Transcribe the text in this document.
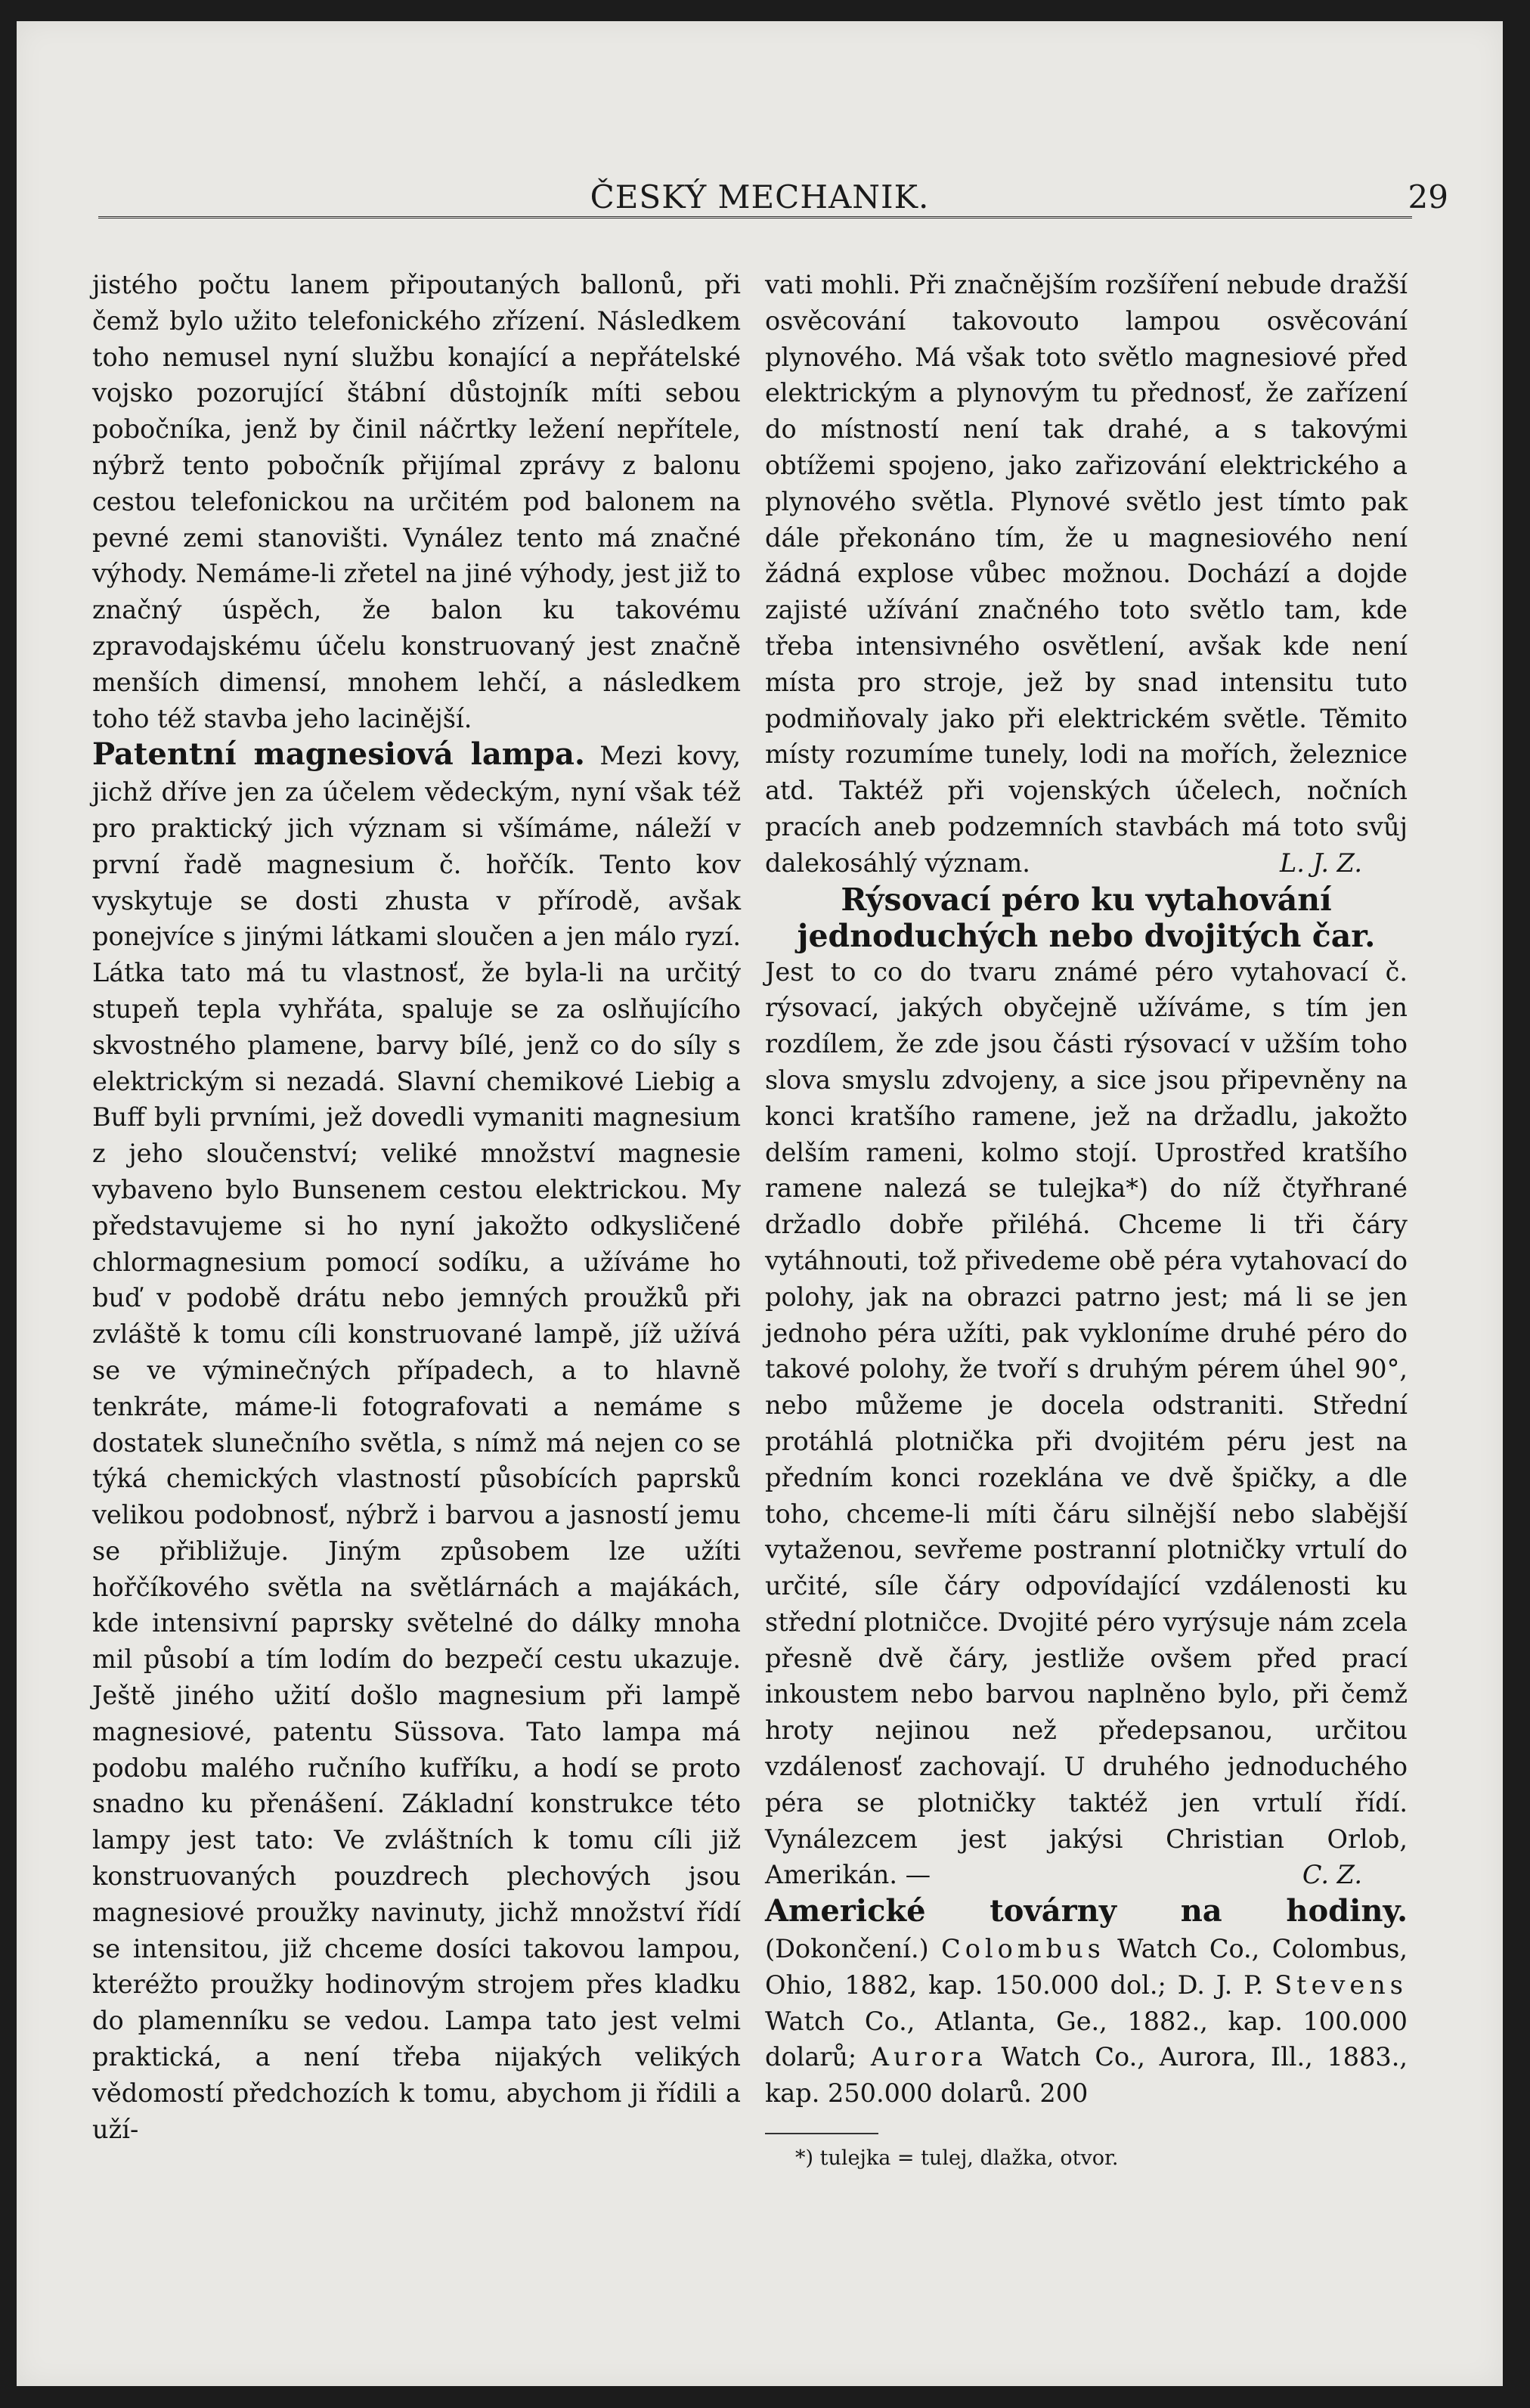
ČESKÝ MECHANIK.	29

jistého počtu lanem připoutaných ballonů, při čemž bylo užito telefonického zřízení. Následkem toho nemusel nyní službu konající a nepřátelské vojsko pozorující štábní důstojník míti sebou pobočníka, jenž by činil náčrtky ležení nepřítele, nýbrž tento pobočník přijímal zprávy z balonu cestou telefonickou na určitém pod balonem na pevné zemi stanovišti. Vynález tento má značné výhody. Nemáme-li zřetel na jiné výhody, jest již to značný úspěch, že balon ku takovému zpravodajskému účelu konstruovaný jest značně menších dimensí, mnohem lehčí, a následkem toho též stavba jeho lacinější.

Patentní magnesiová lampa. Mezi kovy, jichž dříve jen za účelem vědeckým, nyní však též pro praktický jich význam si všímáme, náleží v první řadě magnesium č. hořčík. Tento kov vyskytuje se dosti zhusta v přírodě, avšak ponejvíce s jinými látkami sloučen a jen málo ryzí. Látka tato má tu vlastnosť, že byla-li na určitý stupeň tepla vyhřáta, spaluje se za oslňujícího skvostného plamene, barvy bílé, jenž co do síly s elektrickým si nezadá. Slavní chemikové Liebig a Buff byli prvními, jež dovedli vymaniti magnesium z jeho sloučenství; veliké množství magnesie vybaveno bylo Bunsenem cestou elektrickou. My představujeme si ho nyní jakožto odkysličené chlormagnesium pomocí sodíku, a užíváme ho buď v podobě drátu nebo jemných proužků při zvláště k tomu cíli konstruované lampě, jíž užívá se ve výminečných případech, a to hlavně tenkráte, máme-li fotografovati a nemáme s dostatek slunečního světla, s nímž má nejen co se týká chemických vlastností působících paprsků velikou podobnosť, nýbrž i barvou a jasností jemu se přibližuje. Jiným způsobem lze užíti hořčíkového světla na světlárnách a majákách, kde intensivní paprsky světelné do dálky mnoha mil působí a tím lodím do bezpečí cestu ukazuje. Ještě jiného užití došlo magnesium při lampě magnesiové, patentu Süssova. Tato lampa má podobu malého ručního kufříku, a hodí se proto snadno ku přenášení. Základní konstrukce této lampy jest tato: Ve zvláštních k tomu cíli již konstruovaných pouzdrech plechových jsou magnesiové proužky navinuty, jichž množství řídí se intensitou, již chceme dosíci takovou lampou, kteréžto proužky hodinovým strojem přes kladku do plamenníku se vedou. Lampa tato jest velmi praktická, a není třeba nijakých velikých vědomostí předchozích k tomu, abychom ji řídili a uží-

vati mohli. Při značnějším rozšíření nebude dražší osvěcování takovouto lampou osvěcování plynového. Má však toto světlo magnesiové před elektrickým a plynovým tu přednosť, že zařízení do místností není tak drahé, a s takovými obtížemi spojeno, jako zařizování elektrického a plynového světla. Plynové světlo jest tímto pak dále překonáno tím, že u magnesiového není žádná explose vůbec možnou. Dochází a dojde zajisté užívání značného toto světlo tam, kde třeba intensivného osvětlení, avšak kde není místa pro stroje, jež by snad intensitu tuto podmiňovaly jako při elektrickém světle. Těmito místy rozumíme tunely, lodi na mořích, železnice atd. Taktéž při vojenských účelech, nočních pracích aneb podzemních stavbách má toto svůj dalekosáhlý význam.	L. J. Z.

Rýsovací péro ku vytahování jednoduchých nebo dvojitých čar.

Jest to co do tvaru známé péro vytahovací č. rýsovací, jakých obyčejně užíváme, s tím jen rozdílem, že zde jsou části rýsovací v užším toho slova smyslu zdvojeny, a sice jsou připevněny na konci kratšího ramene, jež na držadlu, jakožto delším rameni, kolmo stojí. Uprostřed kratšího ramene nalezá se tulejka*) do níž čtyřhrané držadlo dobře přiléhá. Chceme li tři čáry vytáhnouti, tož přivedeme obě péra vytahovací do polohy, jak na obrazci patrno jest; má li se jen jednoho péra užíti, pak vykloníme druhé péro do takové polohy, že tvoří s druhým pérem úhel 90°, nebo můžeme je docela odstraniti. Střední protáhlá plotnička při dvojitém péru jest na předním konci rozeklána ve dvě špičky, a dle toho, chceme-li míti čáru silnější nebo slabější vytaženou, sevřeme postranní plotničky vrtulí do určité, síle čáry odpovídající vzdálenosti ku střední plotničce. Dvojité péro vyrýsuje nám zcela přesně dvě čáry, jestliže ovšem před prací inkoustem nebo barvou naplněno bylo, při čemž hroty nejinou než předepsanou, určitou vzdálenosť zachovají. U druhého jednoduchého péra se plotničky taktéž jen vrtulí řídí. Vynálezcem jest jakýsi Christian Orlob, Amerikán. —	C. Z.

Americké továrny na hodiny. (Dokončení.) Colombus Watch Co., Colombus, Ohio, 1882, kap. 150.000 dol.; D. J. P. Stevens Watch Co., Atlanta, Ge., 1882., kap. 100.000 dolarů; Aurora Watch Co., Aurora, Ill., 1883., kap. 250.000 dolarů. 200

*) tulejka = tulej, dlažka, otvor.
